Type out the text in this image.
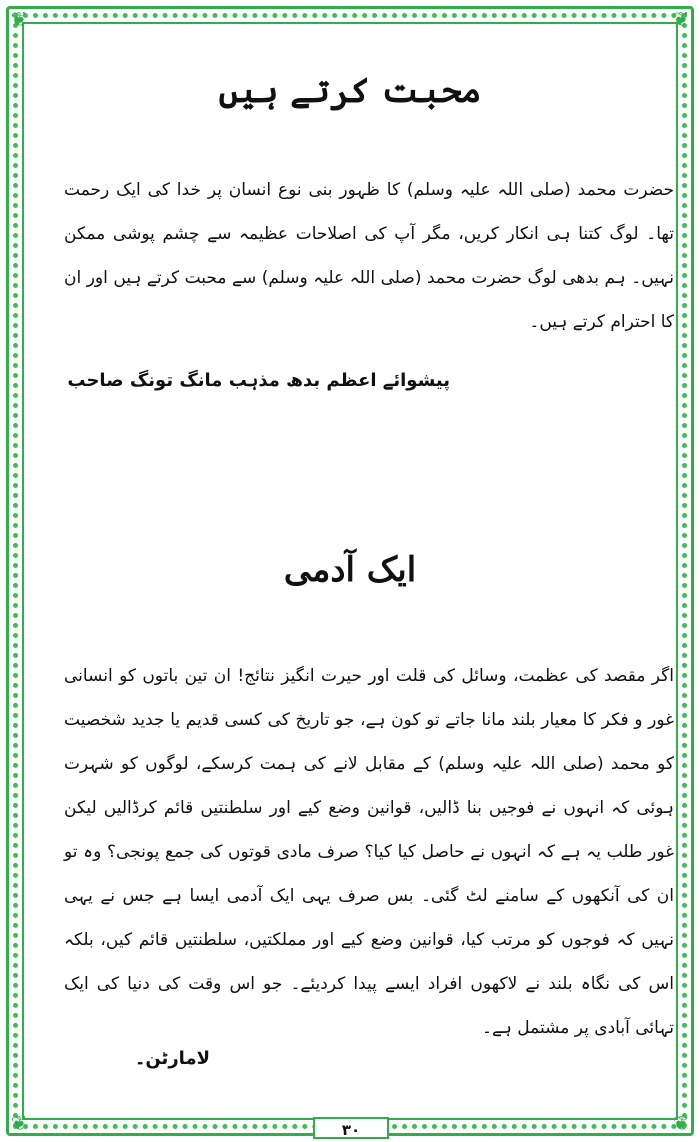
❦	❦
❦	❦
محبت کرتے ہیں

حضرت محمد (صلی اللہ علیہ وسلم) کا ظہور بنی نوع انسان پر خدا کی ایک رحمت تھا۔ لوگ کتنا ہی انکار کریں، مگر آپ کی اصلاحات عظیمہ سے چشم پوشی ممکن نہیں۔ ہم بدھی لوگ حضرت محمد (صلی اللہ علیہ وسلم) سے محبت کرتے ہیں اور ان کا احترام کرتے ہیں۔

پیشوائے اعظم بدھ مذہب مانگ تونگ صاحب
ایک آدمی

اگر مقصد کی عظمت، وسائل کی قلت اور حیرت انگیز نتائج! ان تین باتوں کو انسانی غور و فکر کا معیار بلند مانا جاتے تو کون ہے، جو تاریخ کی کسی قدیم یا جدید شخصیت کو محمد (صلی اللہ علیہ وسلم) کے مقابل لانے کی ہمت کرسکے، لوگوں کو شہرت ہوئی کہ انہوں نے فوجیں بنا ڈالیں، قوانین وضع کیے اور سلطنتیں قائم کرڈالیں لیکن غور طلب یہ ہے کہ انہوں نے حاصل کیا کیا؟ صرف مادی قوتوں کی جمع پونجی؟ وہ تو ان کی آنکھوں کے سامنے لٹ گئی۔ بس صرف یہی ایک آدمی ایسا ہے جس نے یہی نہیں کہ فوجوں کو مرتب کیا، قوانین وضع کیے اور مملکتیں، سلطنتیں قائم کیں، بلکہ اس کی نگاہ بلند نے لاکھوں افراد ایسے پیدا کردیئے۔ جو اس وقت کی دنیا کی ایک تہائی آبادی پر مشتمل ہے۔

لامارٹن۔
۳۰
